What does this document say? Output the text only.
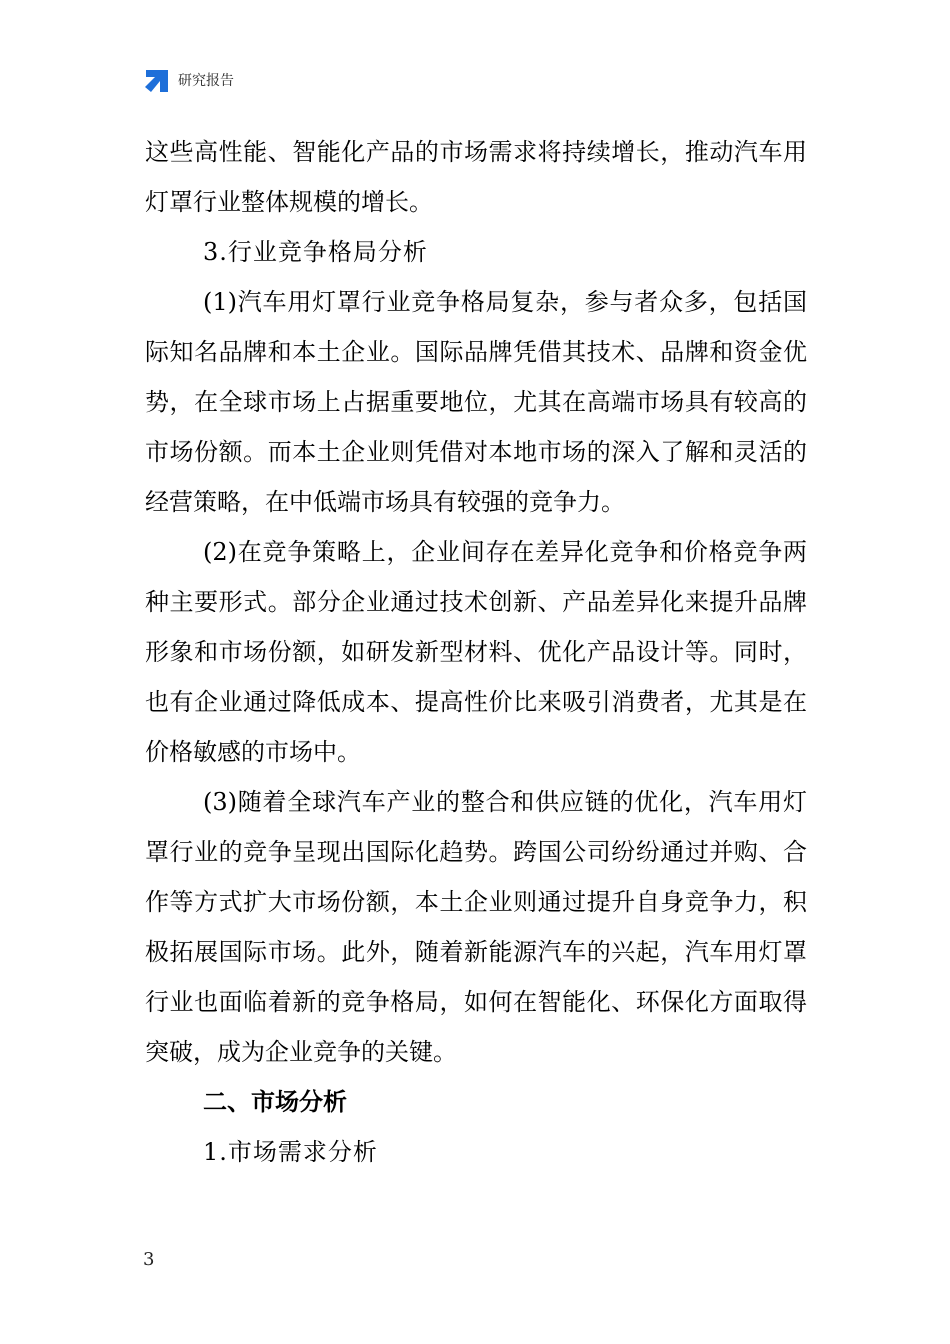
研究报告

这些高性能、智能化产品的市场需求将持续增长，推动汽车用灯罩行业整体规模的增长。

3.行业竞争格局分析

(1)汽车用灯罩行业竞争格局复杂，参与者众多，包括国际知名品牌和本土企业。国际品牌凭借其技术、品牌和资金优势，在全球市场上占据重要地位，尤其在高端市场具有较高的市场份额。而本土企业则凭借对本地市场的深入了解和灵活的经营策略，在中低端市场具有较强的竞争力。

(2)在竞争策略上，企业间存在差异化竞争和价格竞争两种主要形式。部分企业通过技术创新、产品差异化来提升品牌形象和市场份额，如研发新型材料、优化产品设计等。同时，也有企业通过降低成本、提高性价比来吸引消费者，尤其是在价格敏感的市场中。

(3)随着全球汽车产业的整合和供应链的优化，汽车用灯罩行业的竞争呈现出国际化趋势。跨国公司纷纷通过并购、合作等方式扩大市场份额，本土企业则通过提升自身竞争力，积极拓展国际市场。此外，随着新能源汽车的兴起，汽车用灯罩行业也面临着新的竞争格局，如何在智能化、环保化方面取得突破，成为企业竞争的关键。

二、市场分析

1.市场需求分析

3
